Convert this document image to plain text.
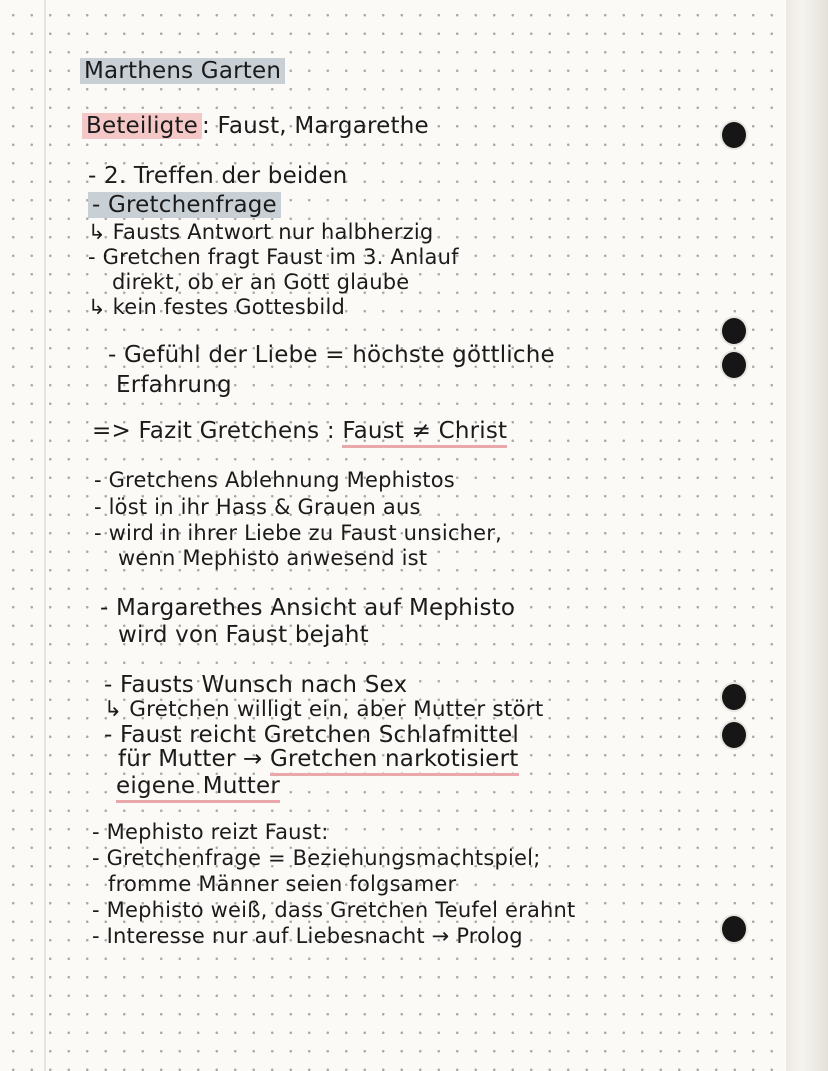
Marthens Garten
Beteiligte : Faust, Margarethe
- 2. Treffen der beiden
- Gretchenfrage
↳ Fausts Antwort nur halbherzig
- Gretchen fragt Faust im 3. Anlauf
direkt, ob er an Gott glaube
↳ kein festes Gottesbild
- Gefühl der Liebe = höchste göttliche
Erfahrung
=> Fazit Gretchens : Faust ≠ Christ
- Gretchens Ablehnung Mephistos
- löst in ihr Hass & Grauen aus
- wird in ihrer Liebe zu Faust unsicher,
wenn Mephisto anwesend ist
- Margarethes Ansicht auf Mephisto
wird von Faust bejaht
- Fausts Wunsch nach Sex
↳ Gretchen willigt ein, aber Mutter stört
- Faust reicht Gretchen Schlafmittel
für Mutter → Gretchen narkotisiert
eigene Mutter
- Mephisto reizt Faust:
- Gretchenfrage = Beziehungsmachtspiel;
fromme Männer seien folgsamer
- Mephisto weiß, dass Gretchen Teufel erahnt
- Interesse nur auf Liebesnacht → Prolog
